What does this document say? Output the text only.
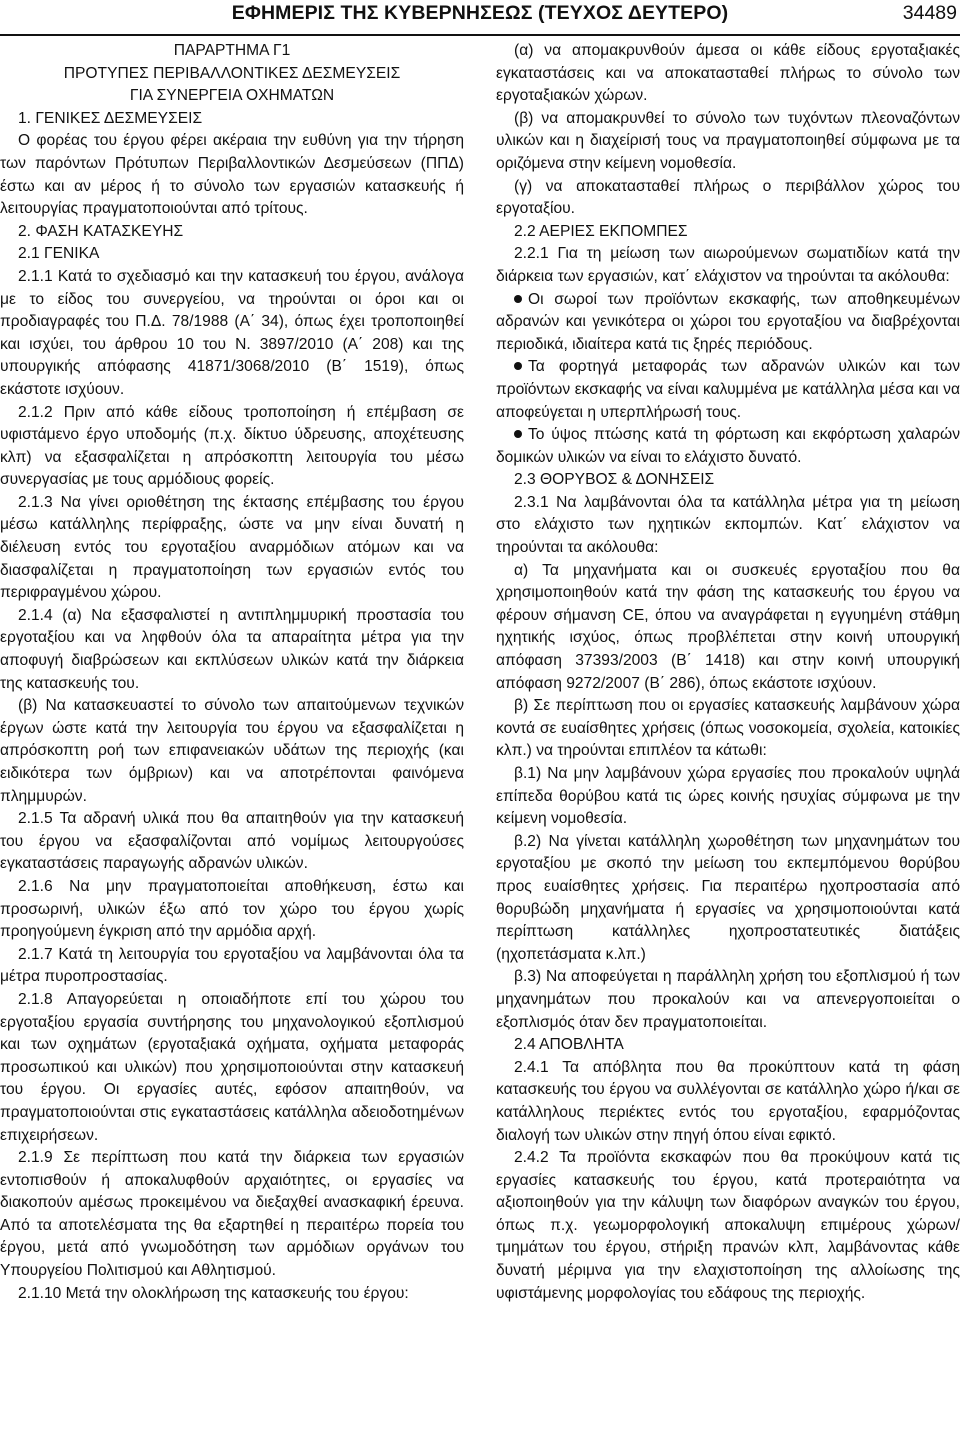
ΕΦΗΜΕΡΙΣ ΤΗΣ ΚΥΒΕΡΝΗΣΕΩΣ (ΤΕΥΧΟΣ ΔΕΥΤΕΡΟ)	34489

ΠΑΡΑΡΤΗΜΑ Γ1

ΠΡΟΤΥΠΕΣ ΠΕΡΙΒΑΛΛΟΝΤΙΚΕΣ ΔΕΣΜΕΥΣΕΙΣ

ΓΙΑ ΣΥΝΕΡΓΕΙΑ ΟΧΗΜΑΤΩΝ

1. ΓΕΝΙΚΕΣ ΔΕΣΜΕΥΣΕΙΣ

Ο φορέας του έργου φέρει ακέραια την ευθύνη για την τήρηση των παρόντων Πρότυπων Περιβαλλοντικών Δεσμεύσεων (ΠΠΔ) έστω και αν μέρος ή το σύνολο των εργασιών κατασκευής ή λειτουργίας πραγματοποιούνται από τρίτους.

2. ΦΑΣΗ ΚΑΤΑΣΚΕΥΗΣ

2.1 ΓΕΝΙΚΑ

2.1.1 Κατά το σχεδιασμό και την κατασκευή του έργου, ανάλογα με το είδος του συνεργείου, να τηρούνται οι όροι και οι προδιαγραφές του Π.Δ. 78/1988 (Α΄ 34), όπως έχει τροποποιηθεί και ισχύει, του άρθρου 10 του Ν. 3897/2010 (Α΄ 208) και της υπουργικής απόφασης 41871/3068/2010 (Β΄ 1519), όπως εκάστοτε ισχύουν.

2.1.2 Πριν από κάθε είδους τροποποίηση ή επέμβαση σε υφιστάμενο έργο υποδομής (π.χ. δίκτυο ύδρευσης, αποχέτευσης κλπ) να εξασφαλίζεται η απρόσκοπτη λειτουργία του μέσω συνεργασίας με τους αρμόδιους φορείς.

2.1.3 Να γίνει οριοθέτηση της έκτασης επέμβασης του έργου μέσω κατάλληλης περίφραξης, ώστε να μην είναι δυνατή η διέλευση εντός του εργοταξίου αναρμόδιων ατόμων και να διασφαλίζεται η πραγματοποίηση των εργασιών εντός του περιφραγμένου χώρου.

2.1.4 (α) Να εξασφαλιστεί η αντιπλημμυρική προστασία του εργοταξίου και να ληφθούν όλα τα απαραίτητα μέτρα για την αποφυγή διαβρώσεων και εκπλύσεων υλικών κατά την διάρκεια της κατασκευής του.

(β) Να κατασκευαστεί το σύνολο των απαιτούμενων τεχνικών έργων ώστε κατά την λειτουργία του έργου να εξασφαλίζεται η απρόσκοπτη ροή των επιφανειακών υδάτων της περιοχής (και ειδικότερα των όμβριων) και να αποτρέπονται φαινόμενα πλημμυρών.

2.1.5 Τα αδρανή υλικά που θα απαιτηθούν για την κατασκευή του έργου να εξασφαλίζονται από νομίμως λειτουργούσες εγκαταστάσεις παραγωγής αδρανών υλικών.

2.1.6 Να μην πραγματοποιείται αποθήκευση, έστω και προσωρινή, υλικών έξω από τον χώρο του έργου χωρίς προηγούμενη έγκριση από την αρμόδια αρχή.

2.1.7 Κατά τη λειτουργία του εργοταξίου να λαμβάνονται όλα τα μέτρα πυροπροστασίας.

2.1.8 Απαγορεύεται η οποιαδήποτε επί του χώρου του εργοταξίου εργασία συντήρησης του μηχανολογικού εξοπλισμού και των οχημάτων (εργοταξιακά οχήματα, οχήματα μεταφοράς προσωπικού και υλικών) που χρησιμοποιούνται στην κατασκευή του έργου. Οι εργασίες αυτές, εφόσον απαιτηθούν, να πραγματοποιούνται στις εγκαταστάσεις κατάλληλα αδειοδοτημένων επιχειρήσεων.

2.1.9 Σε περίπτωση που κατά την διάρκεια των εργασιών εντοπισθούν ή αποκαλυφθούν αρχαιότητες, οι εργασίες να διακοπούν αμέσως προκειμένου να διεξαχθεί ανασκαφική έρευνα. Από τα αποτελέσματα της θα εξαρτηθεί η περαιτέρω πορεία του έργου, μετά από γνωμοδότηση των αρμόδιων οργάνων του Υπουργείου Πολιτισμού και Αθλητισμού.

2.1.10 Μετά την ολοκλήρωση της κατασκευής του έργου:

(α) να απομακρυνθούν άμεσα οι κάθε είδους εργοταξιακές εγκαταστάσεις και να αποκατασταθεί πλήρως το σύνολο των εργοταξιακών χώρων.

(β) να απομακρυνθεί το σύνολο των τυχόντων πλεοναζόντων υλικών και η διαχείρισή τους να πραγματοποιηθεί σύμφωνα με τα οριζόμενα στην κείμενη νομοθεσία.

(γ) να αποκατασταθεί πλήρως ο περιβάλλον χώρος του εργοταξίου.

2.2 ΑΕΡΙΕΣ ΕΚΠΟΜΠΕΣ

2.2.1 Για τη μείωση των αιωρούμενων σωματιδίων κατά την διάρκεια των εργασιών, κατ΄ ελάχιστον να τηρούνται τα ακόλουθα:

Οι σωροί των προϊόντων εκσκαφής, των αποθηκευμένων αδρανών και γενικότερα οι χώροι του εργοταξίου να διαβρέχονται περιοδικά, ιδιαίτερα κατά τις ξηρές περιόδους.

Τα φορτηγά μεταφοράς των αδρανών υλικών και των προϊόντων εκσκαφής να είναι καλυμμένα με κατάλληλα μέσα και να αποφεύγεται η υπερπλήρωσή τους.

Το ύψος πτώσης κατά τη φόρτωση και εκφόρτωση χαλαρών δομικών υλικών να είναι το ελάχιστο δυνατό.

2.3 ΘΟΡΥΒΟΣ & ΔΟΝΗΣΕΙΣ

2.3.1 Να λαμβάνονται όλα τα κατάλληλα μέτρα για τη μείωση στο ελάχιστο των ηχητικών εκπομπών. Κατ΄ ελάχιστον να τηρούνται τα ακόλουθα:

α) Τα μηχανήματα και οι συσκευές εργοταξίου που θα χρησιμοποιηθούν κατά την φάση της κατασκευής του έργου να φέρουν σήμανση CE, όπου να αναγράφεται η εγγυημένη στάθμη ηχητικής ισχύος, όπως προβλέπεται στην κοινή υπουργική απόφαση 37393/2003 (Β΄ 1418) και στην κοινή υπουργική απόφαση 9272/2007 (Β΄ 286), όπως εκάστοτε ισχύουν.

β) Σε περίπτωση που οι εργασίες κατασκευής λαμβάνουν χώρα κοντά σε ευαίσθητες χρήσεις (όπως νοσοκομεία, σχολεία, κατοικίες κλπ.) να τηρούνται επιπλέον τα κάτωθι:

β.1) Να μην λαμβάνουν χώρα εργασίες που προκαλούν υψηλά επίπεδα θορύβου κατά τις ώρες κοινής ησυχίας σύμφωνα με την κείμενη νομοθεσία.

β.2) Να γίνεται κατάλληλη χωροθέτηση των μηχανημάτων του εργοταξίου με σκοπό την μείωση του εκπεμπόμενου θορύβου προς ευαίσθητες χρήσεις. Για περαιτέρω ηχοπροστασία από θορυβώδη μηχανήματα ή εργασίες να χρησιμοποιούνται κατά περίπτωση κατάλληλες ηχοπροστατευτικές διατάξεις (ηχοπετάσματα κ.λπ.)

β.3) Να αποφεύγεται η παράλληλη χρήση του εξοπλισμού ή των μηχανημάτων που προκαλούν και να απενεργοποιείται ο εξοπλισμός όταν δεν πραγματοποιείται.

2.4 ΑΠΟΒΛΗΤΑ

2.4.1 Τα απόβλητα που θα προκύπτουν κατά τη φάση κατασκευής του έργου να συλλέγονται σε κατάλληλο χώρο ή/και σε κατάλληλους περιέκτες εντός του εργοταξίου, εφαρμόζοντας διαλογή των υλικών στην πηγή όπου είναι εφικτό.

2.4.2 Τα προϊόντα εκσκαφών που θα προκύψουν κατά τις εργασίες κατασκευής του έργου, κατά προτεραιότητα να αξιοποιηθούν για την κάλυψη των διαφόρων αναγκών του έργου, όπως π.χ. γεωμορφολογική αποκαλυψη επιμέρους χώρων/ τμημάτων του έργου, στήριξη πρανών κλπ, λαμβάνοντας κάθε δυνατή μέριμνα για την ελαχιστοποίηση της αλλοίωσης της υφιστάμενης μορφολογίας του εδάφους της περιοχής.
